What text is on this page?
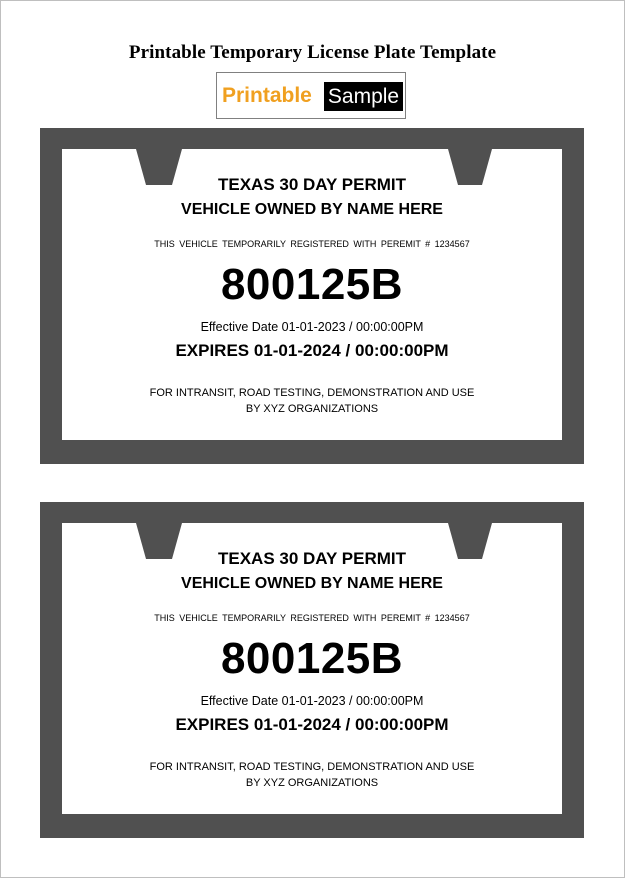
Printable Temporary License Plate Template
Printable Sample
TEXAS 30 DAY PERMIT
VEHICLE OWNED BY NAME HERE
THIS VEHICLE TEMPORARILY REGISTERED WITH PEREMIT # 1234567
800125B
Effective Date 01-01-2023 / 00:00:00PM
EXPIRES 01-01-2024 / 00:00:00PM
FOR INTRANSIT, ROAD TESTING, DEMONSTRATION AND USE
BY XYZ ORGANIZATIONS
TEXAS 30 DAY PERMIT
VEHICLE OWNED BY NAME HERE
THIS VEHICLE TEMPORARILY REGISTERED WITH PEREMIT # 1234567
800125B
Effective Date 01-01-2023 / 00:00:00PM
EXPIRES 01-01-2024 / 00:00:00PM
FOR INTRANSIT, ROAD TESTING, DEMONSTRATION AND USE
BY XYZ ORGANIZATIONS
